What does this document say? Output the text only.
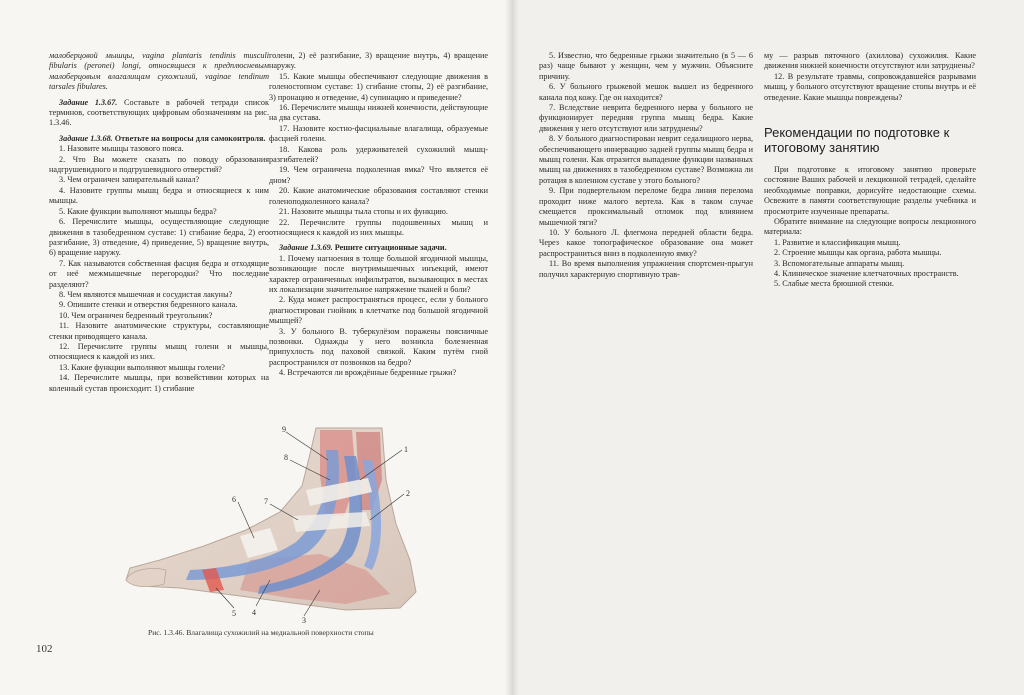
малоберцовой мышцы, vagina plantaris tendinis musculi fibularis (peronei) longi, относящиеся к предплюсневым малоберцовым влагалищам сухожилий, vaginae tendinum tarsales fibulares.

Задание 1.3.67. Составьте в рабочей тетради список терминов, соответствующих цифровым обозначениям на рис. 1.3.46.

Задание 1.3.68. Ответьте на вопросы для самоконтроля.

1. Назовите мышцы тазового пояса.

2. Что Вы можете сказать по поводу образования надгрушевидного и подгрушевидного отверстий?

3. Чем ограничен запирательный канал?

4. Назовите группы мышц бедра и относящиеся к ним мышцы.

5. Какие функции выполняют мышцы бедра?

6. Перечислите мышцы, осуществляющие следующие движения в тазобедренном суставе: 1) сгибание бедра, 2) его разгибание, 3) отведение, 4) приведение, 5) вращение внутрь, 6) вращение наружу.

7. Как называются собственная фасция бедра и отходящие от неё межмышечные перегородки? Что последние разделяют?

8. Чем являются мышечная и сосудистая лакуны?

9. Опишите стенки и отверстия бедренного канала.

10. Чем ограничен бедренный треугольник?

11. Назовите анатомические структуры, составляющие стенки приводящего канала.

12. Перечислите группы мышц голени и мышцы, относящиеся к каждой из них.

13. Какие функции выполняют мышцы голени?

14. Перечислите мышцы, при возвейстивии которых на коленный сустав происходит: 1) сгибание

голени, 2) её разгибание, 3) вращение внутрь, 4) вращение наружу.

15. Какие мышцы обеспечивают следующие движения в голеностопном суставе: 1) сгибание стопы, 2) её разгибание, 3) пронацию и отведение, 4) супинацию и приведение?

16. Перечислите мышцы нижней конечности, действующие на два сустава.

17. Назовите костно-фасциальные влагалища, образуемые фасцией голени.

18. Какова роль удерживателей сухожилий мышц-разгибателей?

19. Чем ограничена подколенная ямка? Что является её дном?

20. Какие анатомические образования составляют стенки голеноподколенного канала?

21. Назовите мышцы тыла стопы и их функцию.

22. Перечислите группы подошвенных мышц и относящиеся к каждой из них мышцы.

Задание 1.3.69. Решите ситуационные задачи.

1. Почему нагноения в толще большой ягодичной мышцы, возникающие после внутримышечных инъекций, имеют характер ограниченных инфильтратов, вызывающих в местах их локализации значительное напряжение тканей и боли?

2. Куда может распространяться процесс, если у больного диагностирован гнойник в клетчатке под большой ягодичной мышцей?

3. У больного В. туберкулёзом поражены поясничные позвонки. Однажды у него возникла болезненная припухлость под паховой связкой. Каким путём гной распространился от позвонков на бедро?

4. Встречаются ли врождённые бедренные грыжи?

9
8
1
2
7
6
3
4
5
Рис. 1.3.46. Влагалища сухожилий на медиальной поверхности стопы
102

5. Известно, что бедренные грыжи значительно (в 5 — 6 раз) чаще бывают у женщин, чем у мужчин. Объясните причину.

6. У больного грыжевой мешок вышел из бедренного канала под кожу. Где он находится?

7. Вследствие неврита бедренного нерва у больного не функционирует передняя группа мышц бедра. Какие движения у него отсутствуют или затруднены?

8. У больного диагностирован неврит седалищного нерва, обеспечивающего иннервацию задней группы мышц бедра и мышц голени. Как отразится выпадение функции названных мышц на движениях в тазобедренном суставе? Возможна ли ротация в коленном суставе у этого больного?

9. При подвертельном переломе бедра линия перелома проходит ниже малого вертела. Как в таком случае смещается проксимальный отломок под влиянием мышечной тяги?

10. У больного Л. флегмона передней области бедра. Через какое топографическое образование она может распространиться вниз в подколенную ямку?

11. Во время выполнения упражнения спортсмен-прыгун получил характерную спортивную трав-

му — разрыв пяточного (ахиллова) сухожилия. Какие движения нижней конечности отсутствуют или затруднены?

12. В результате травмы, сопровождавшейся разрывами мышц, у больного отсутствуют вращение стопы внутрь и её отведение. Какие мышцы повреждены?

Рекомендации по подготовке к итоговому занятию

При подготовке к итоговому занятию проверьте состояние Ваших рабочей и лекционной тетрадей, сделайте необходимые поправки, дорисуйте недостающие схемы. Освежите в памяти соответствующие разделы учебника и просмотрите изученные препараты.

Обратите внимание на следующие вопросы лекционного материала:

1. Развитие и классификация мышц.

2. Строение мышцы как органа, работа мышцы.

3. Вспомогательные аппараты мышц.

4. Клиническое значение клетчаточных пространств.

5. Слабые места брюшной стенки.
